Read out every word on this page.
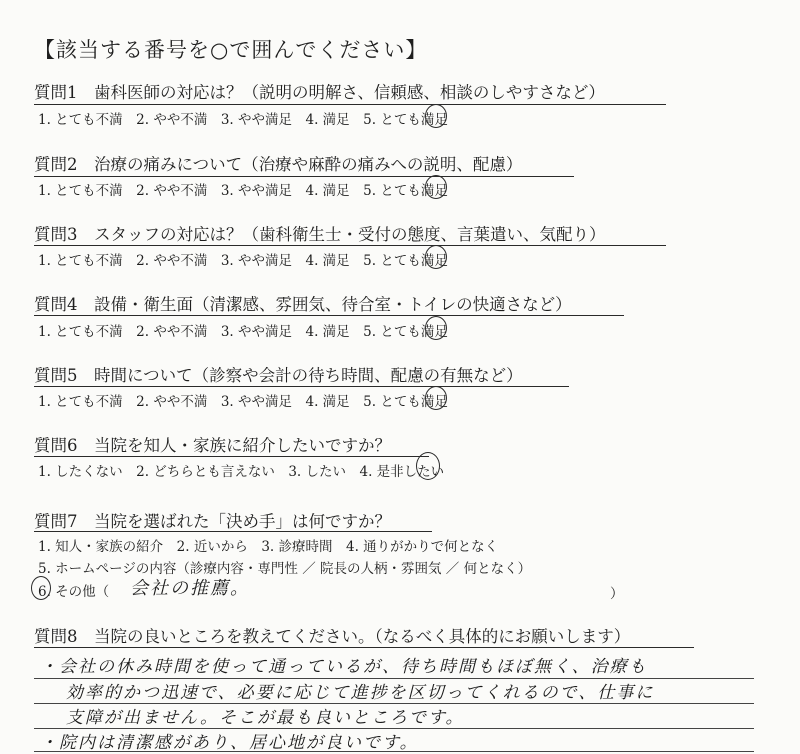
【該当する番号を○で囲んでください】
質問1　歯科医師の対応は？（説明の明解さ、信頼感、相談のしやすさなど）
1. とても不満　2. やや不満　3. やや満足　4. 満足　5. とても満足
質問2　治療の痛みについて（治療や麻酔の痛みへの説明、配慮）
1. とても不満　2. やや不満　3. やや満足　4. 満足　5. とても満足
質問3　スタッフの対応は？（歯科衛生士・受付の態度、言葉遣い、気配り）
1. とても不満　2. やや不満　3. やや満足　4. 満足　5. とても満足
質問4　設備・衛生面（清潔感、雰囲気、待合室・トイレの快適さなど）
1. とても不満　2. やや不満　3. やや満足　4. 満足　5. とても満足
質問5　時間について（診察や会計の待ち時間、配慮の有無など）
1. とても不満　2. やや不満　3. やや満足　4. 満足　5. とても満足
質問6　当院を知人・家族に紹介したいですか？
1. したくない　2. どちらとも言えない　3. したい　4. 是非したい
質問7　当院を選ばれた「決め手」は何ですか？
1. 知人・家族の紹介　2. 近いから　3. 診療時間　4. 通りがかりで何となく
5. ホームページの内容（診療内容・専門性 ／ 院長の人柄・雰囲気 ／ 何となく）
6. その他（ 会社の推薦。	）
質問8　当院の良いところを教えてください。（なるべく具体的にお願いします）
・会社の休み時間を使って通っているが、待ち時間もほぼ無く、治療も
効率的かつ迅速で、必要に応じて進捗を区切ってくれるので、仕事に
支障が出ません。そこが最も良いところです。
・院内は清潔感があり、居心地が良いです。
